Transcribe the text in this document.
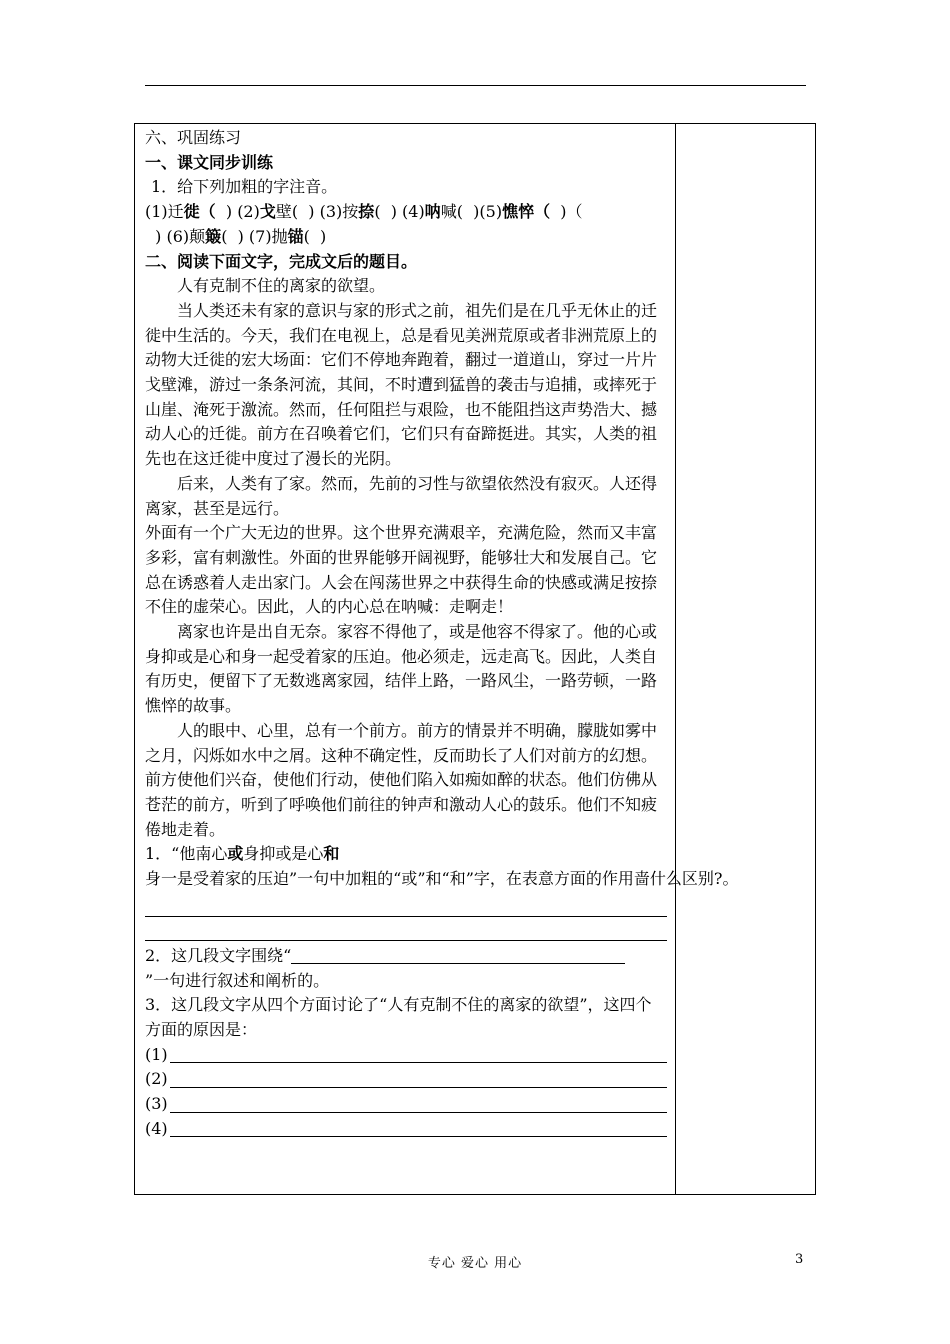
六、巩固练习

一、课文同步训练

1．给下列加粗的字注音。

(1)迁徙（  ) (2)戈壁(  ) (3)按捺(  ) (4)呐喊(  )(5)憔悴（  )（

) (6)颠簸(  ) (7)抛锚(  )

二、阅读下面文字，完成文后的题目。

人有克制不住的离家的欲望。

当人类还未有家的意识与家的形式之前，祖先们是在几乎无休止的迁徙中生活的。今天，我们在电视上，总是看见美洲荒原或者非洲荒原上的动物大迁徙的宏大场面：它们不停地奔跑着，翻过一道道山，穿过一片片戈壁滩，游过一条条河流，其间，不时遭到猛兽的袭击与追捕，或摔死于山崖、淹死于激流。然而，任何阻拦与艰险，也不能阻挡这声势浩大、撼动人心的迁徙。前方在召唤着它们，它们只有奋蹄挺进。其实，人类的祖先也在这迁徙中度过了漫长的光阴。

后来，人类有了家。然而，先前的习性与欲望依然没有寂灭。人还得离家，甚至是远行。

外面有一个广大无边的世界。这个世界充满艰辛，充满危险，然而又丰富多彩，富有刺激性。外面的世界能够开阔视野，能够壮大和发展自己。它总在诱惑着人走出家门。人会在闯荡世界之中获得生命的快感或满足按捺不住的虚荣心。因此，人的内心总在呐喊：走啊走！

离家也许是出自无奈。家容不得他了，或是他容不得家了。他的心或身抑或是心和身一起受着家的压迫。他必须走，远走高飞。因此，人类自有历史，便留下了无数逃离家园，结伴上路，一路风尘，一路劳顿，一路憔悴的故事。

人的眼中、心里，总有一个前方。前方的情景并不明确，朦胧如雾中之月，闪烁如水中之屑。这种不确定性，反而助长了人们对前方的幻想。前方使他们兴奋，使他们行动，使他们陷入如痴如醉的状态。他们仿佛从苍茫的前方，听到了呼唤他们前往的钟声和激动人心的鼓乐。他们不知疲倦地走着。

1．“他南心或身抑或是心和身一是受着家的压迫”一句中加粗的“或”和“和”字，在表意方面的作用啬什么区别?。

2．这几段文字围绕“

”一句进行叙述和阐析的。

3．这几段文字从四个方面讨论了“人有克制不住的离家的欲望”，这四个方面的原因是：

(1)
(2)
(3)
(4)
专心 爱心 用心	3
